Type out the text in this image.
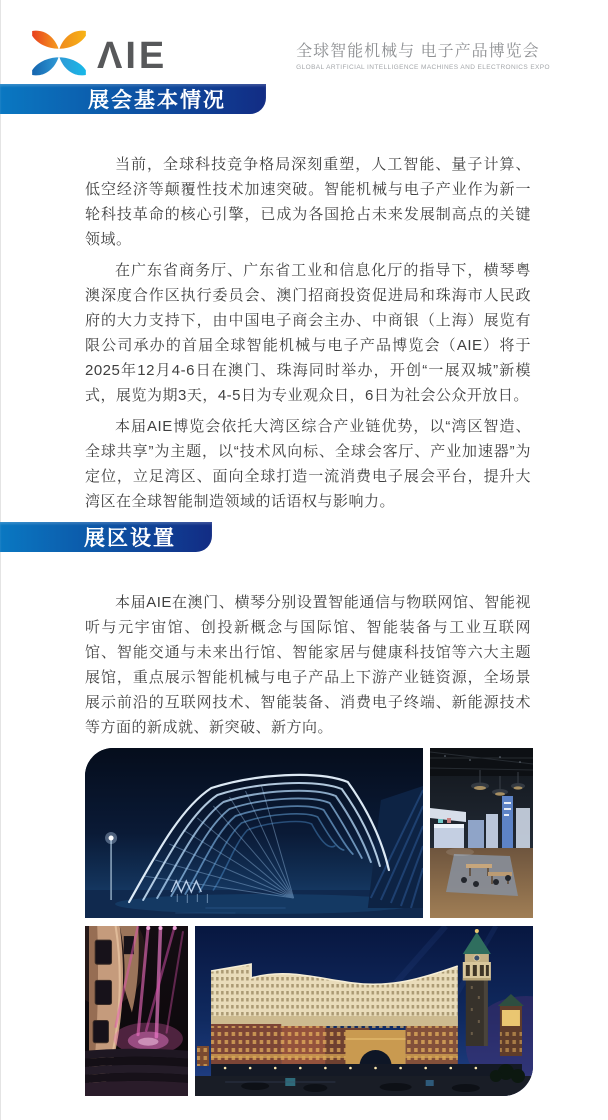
ΛIE	全球智能机械与 电子产品博览会
GLOBAL ARTIFICIAL INTELLIGENCE MACHINES AND ELECTRONICS EXPO
展会基本情况

当前，全球科技竞争格局深刻重塑，人工智能、量子计算、低空经济等颠覆性技术加速突破。智能机械与电子产业作为新一轮科技革命的核心引擎，已成为各国抢占未来发展制高点的关键领域。

在广东省商务厅、广东省工业和信息化厅的指导下，横琴粤澳深度合作区执行委员会、澳门招商投资促进局和珠海市人民政府的大力支持下，由中国电子商会主办、中商银（上海）展览有限公司承办的首届全球智能机械与电子产品博览会（AIE）将于2025年12月4-6日在澳门、珠海同时举办，开创“一展双城”新模式，展览为期3天，4-5日为专业观众日，6日为社会公众开放日。

本届AIE博览会依托大湾区综合产业链优势，以“湾区智造、全球共享”为主题，以“技术风向标、全球会客厅、产业加速器”为定位，立足湾区、面向全球打造一流消费电子展会平台，提升大湾区在全球智能制造领域的话语权与影响力。

展区设置

本届AIE在澳门、横琴分别设置智能通信与物联网馆、智能视听与元宇宙馆、创投新概念与国际馆、智能装备与工业互联网馆、智能交通与未来出行馆、智能家居与健康科技馆等六大主题展馆，重点展示智能机械与电子产品上下游产业链资源，全场景展示前沿的互联网技术、智能装备、消费电子终端、新能源技术等方面的新成就、新突破、新方向。
